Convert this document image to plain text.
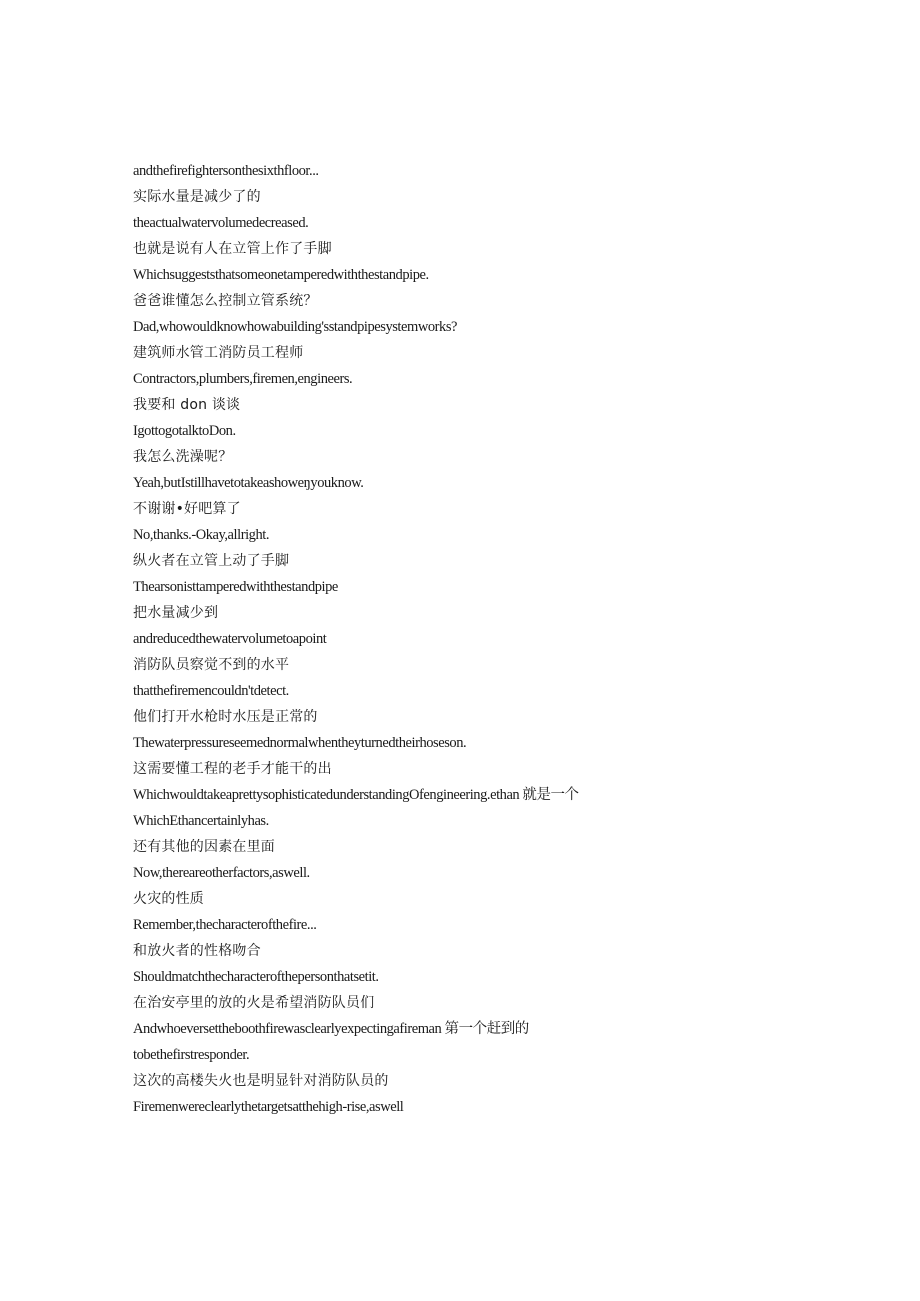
andthefirefightersonthesixthfloor...
实际水量是减少了的
theactualwatervolumedecreased.
也就是说有人在立管上作了手脚
Whichsuggeststhatsomeonetamperedwiththestandpipe.
爸爸谁懂怎么控制立管系统？
Dad,whowouldknowhowabuilding'sstandpipesystemworks?
建筑师水管工消防员工程师
Contractors,plumbers,firemen,engineers.
我要和 don 谈谈
IgottogotalktoDon.
我怎么洗澡呢？
Yeah,butIstillhavetotakeashoweŋyouknow.
不谢谢•好吧算了
No,thanks.-Okay,allright.
纵火者在立管上动了手脚
Thearsonisttamperedwiththestandpipe
把水量减少到
andreducedthewatervolumetoapoint
消防队员察觉不到的水平
thatthefiremencouldn'tdetect.
他们打开水枪时水压是正常的
Thewaterpressureseemednormalwhentheyturnedtheirhoseson.
这需要懂工程的老手才能干的出
WhichwouldtakeaprettysophisticatedunderstandingOfengineering.ethan 就是一个
WhichEthancertainlyhas.
还有其他的因素在里面
Now,thereareotherfactors,aswell.
火灾的性质
Remember,thecharacterofthefire...
和放火者的性格吻合
Shouldmatchthecharacterofthepersonthatsetit.
在治安亭里的放的火是希望消防队员们
Andwhoeversettheboothfirewasclearlyexpectingafireman 第一个赶到的
tobethefirstresponder.
这次的高楼失火也是明显针对消防队员的
Firemenwereclearlythetargetsatthehigh-rise,aswell
